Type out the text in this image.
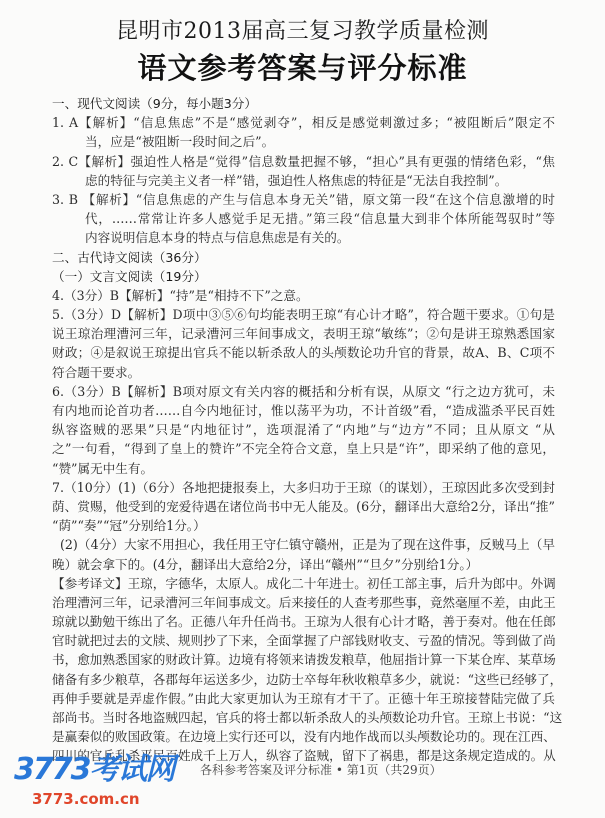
昆明市2013届高三复习教学质量检测
语文参考答案与评分标准
一、现代文阅读（9分，每小题3分）
1. A【解析】“信息焦虑”不是“感觉剥夺”，相反是感觉刺激过多；“被阻断后”限定不
当，应是“被阻断一段时间之后”。
2. C【解析】强迫性人格是“觉得”信息数量把握不够，“担心”具有更强的情绪色彩，“焦
虑的特征与完美主义者一样”错，强迫性人格焦虑的特征是“无法自我控制”。
3. B 【解析】“信息焦虑的产生与信息本身无关”错，原文第一段“在这个信息激增的时
代，……常常让许多人感觉手足无措。”第三段“信息量大到非个体所能驾驭时”等
内容说明信息本身的特点与信息焦虑是有关的。
二、古代诗文阅读（36分）
（一）文言文阅读（19分）
4.（3分）B【解析】“持”是“相持不下”之意。
5.（3分）D【解析】D项中③⑤⑥句均能表明王琼“有心计才略”，符合题干要求。①句是
说王琼治理漕河三年，记录漕河三年间事成文，表明王琼“敏练”；②句是讲王琼熟悉国家
财政；④是叙说王琼提出官兵不能以斩杀敌人的头颅数论功升官的背景，故A、B、C项不
符合题干要求。
6.（3分）B【解析】B项对原文有关内容的概括和分析有误，从原文 “行之边方犹可，未
有内地而论首功者……自今内地征讨，惟以荡平为功，不计首级”看，“造成滥杀平民百姓
纵容盗贼的恶果”只是“内地征讨”，选项混淆了“内地”与“边方”不同；且从原文 “从
之”一句看，“得到了皇上的赞许”不完全符合文意，皇上只是“许”，即采纳了他的意见，
“赞”属无中生有。
7.（10分）(1)（6分）各地把捷报奏上，大多归功于王琼（的谋划），王琼因此多次受到封
荫、赏赐，他受到的宠爱待遇在诸位尚书中无人能及。(6分，翻译出大意给2分，译出“推”
“荫”“奏”“冠”分别给1分。）
(2)（4分）大家不用担心，我任用王守仁镇守赣州，正是为了现在这件事，反贼马上（早
晚）就会拿下的。(4分，翻译出大意给2分，译出“赣州”“旦夕”分别给1分。）
【参考译文】王琼，字德华，太原人。成化二十年进士。初任工部主事，后升为郎中。外调
治理漕河三年，记录漕河三年间事成文。后来接任的人查考那些事，竟然毫厘不差，由此王
琼就以勤勉干练出了名。正德八年升任尚书。王琼为人很有心计才略，善于奏对。他在任郎
官时就把过去的文牍、规则抄了下来，全面掌握了户部钱财收支、亏盈的情况。等到做了尚
书，愈加熟悉国家的财政计算。边境有将领来请拨发粮草，他屈指计算一下某仓库、某草场
储备有多少粮草，各郡每年运送多少，边防士卒每年秋收粮草多少，就说：“这些已经够了，
再伸手要就是弄虚作假。”由此大家更加认为王琼有才干了。正德十年王琼接替陆完做了兵
部尚书。当时各地盗贼四起，官兵的将士都以斩杀敌人的头颅数论功升官。王琼上书说：“这
是赢秦似的败国政策。在边境上实行还可以，没有内地作战而以头颅数论功的。现在江西、
四川的官兵乱杀平民百姓成千上万人，纵容了盗贼，留下了祸患，都是这条规定造成的。从
3773考试网
3773.com.cn
各科参考答案及评分标准 • 第1页（共29页）
